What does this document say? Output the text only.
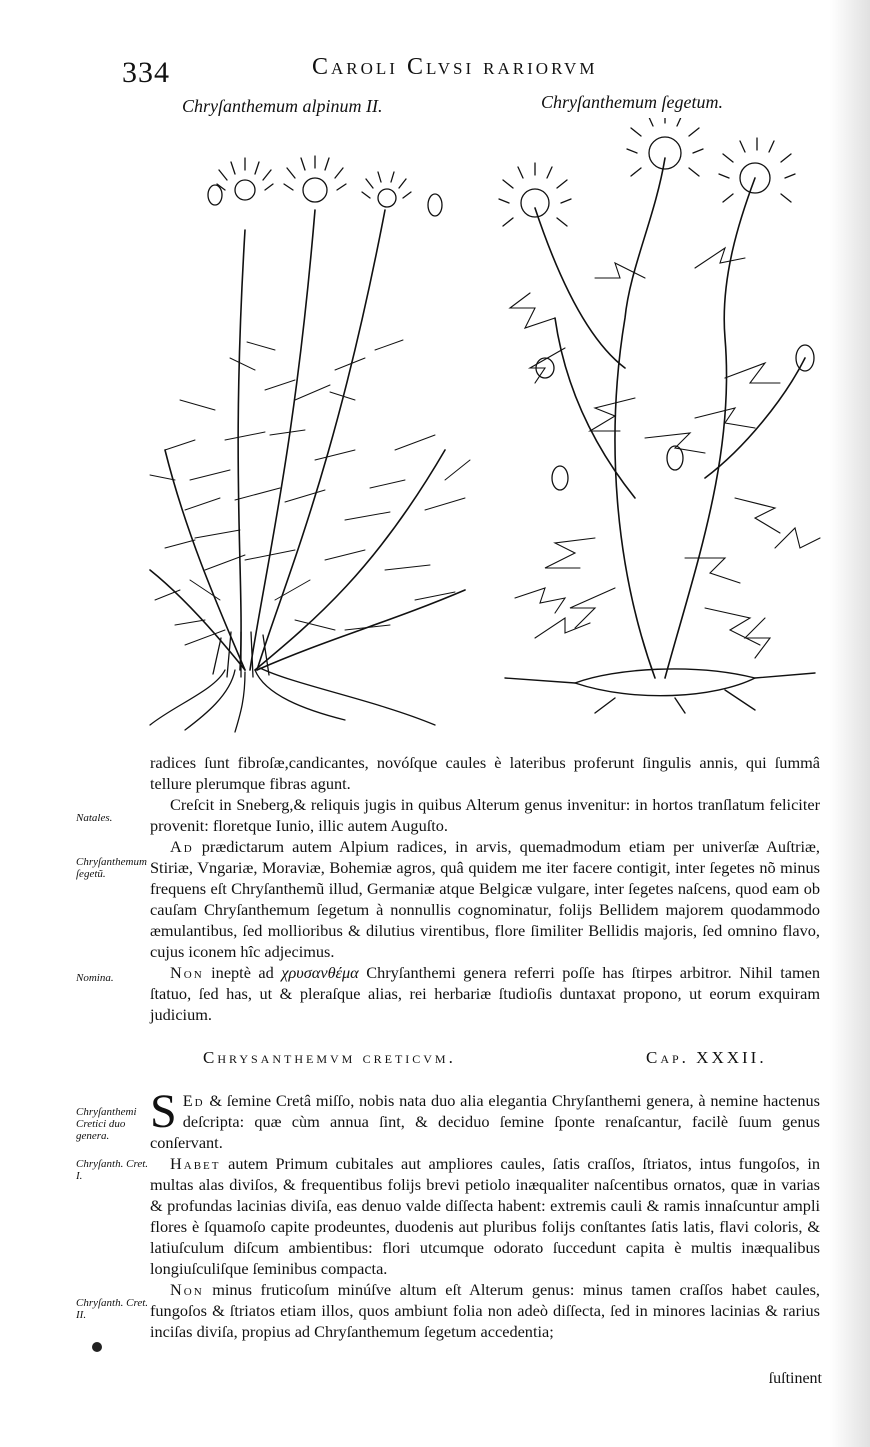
334	Caroli Clvsi rariorvm
Chryſanthemum alpinum II.	Chryſanthemum ſegetum.

radices ſunt fibroſæ,candicantes, novóſque caules è lateribus proferunt ſingulis annis, qui ſummâ tellure plerumque fibras agunt.

Creſcit in Sneberg,& reliquis jugis in quibus Alterum genus invenitur: in hortos tranſlatum feliciter provenit: floretque Iunio, illic autem Auguſto.

Ad prædictarum autem Alpium radices, in arvis, quemadmodum etiam per univerſæ Auſtriæ, Stiriæ, Vngariæ, Moraviæ, Bohemiæ agros, quâ quidem me iter facere contigit, inter ſegetes nõ minus frequens eſt Chryſanthemũ illud, Germaniæ atque Belgicæ vulgare, inter ſegetes naſcens, quod eam ob cauſam Chryſanthemum ſegetum à nonnullis cognominatur, folijs Bellidem majorem quodammodo æmulantibus, ſed mollioribus & dilutius virentibus, flore ſimiliter Bellidis majoris, ſed omnino flavo, cujus iconem hîc adjecimus.

Non ineptè ad χρυσανθέμα Chryſanthemi genera referri poſſe has ſtirpes arbitror. Nihil tamen ſtatuo, ſed has, ut & pleraſque alias, rei herbariæ ſtudioſis duntaxat propono, ut eorum exquiram judicium.

Natales.
Chryſanthemum ſegetũ.
Nomina.
Chryſanthemi Cretici duo genera.
Chryſanth. Cret. I.
Chryſanth. Cret. II.
Chrysanthemvm creticvm.	Cap. XXXII.

S Ed & ſemine Cretâ miſſo, nobis nata duo alia elegantia Chryſanthemi genera, à nemine hactenus deſcripta: quæ cùm annua ſint, & deciduo ſemine ſponte renaſcantur, facilè ſuum genus conſervant.

Habet autem Primum cubitales aut ampliores caules, ſatis craſſos, ſtriatos, intus fungoſos, in multas alas diviſos, & frequentibus folijs brevi petiolo inæqualiter naſcentibus ornatos, quæ in varias & profundas lacinias diviſa, eas denuo valde diſſecta habent: extremis cauli & ramis innaſcuntur ampli flores è ſquamoſo capite prodeuntes, duodenis aut pluribus folijs conſtantes ſatis latis, flavi coloris, & latiuſculum diſcum ambientibus: flori utcumque odorato ſuccedunt capita è multis inæqualibus longiuſculiſque ſeminibus compacta.

Non minus fruticoſum minúſve altum eſt Alterum genus: minus tamen craſſos habet caules, fungoſos & ſtriatos etiam illos, quos ambiunt folia non adeò diſſecta, ſed in minores lacinias & rarius inciſas diviſa, propius ad Chryſanthemum ſegetum accedentia;

ſuſtinent
